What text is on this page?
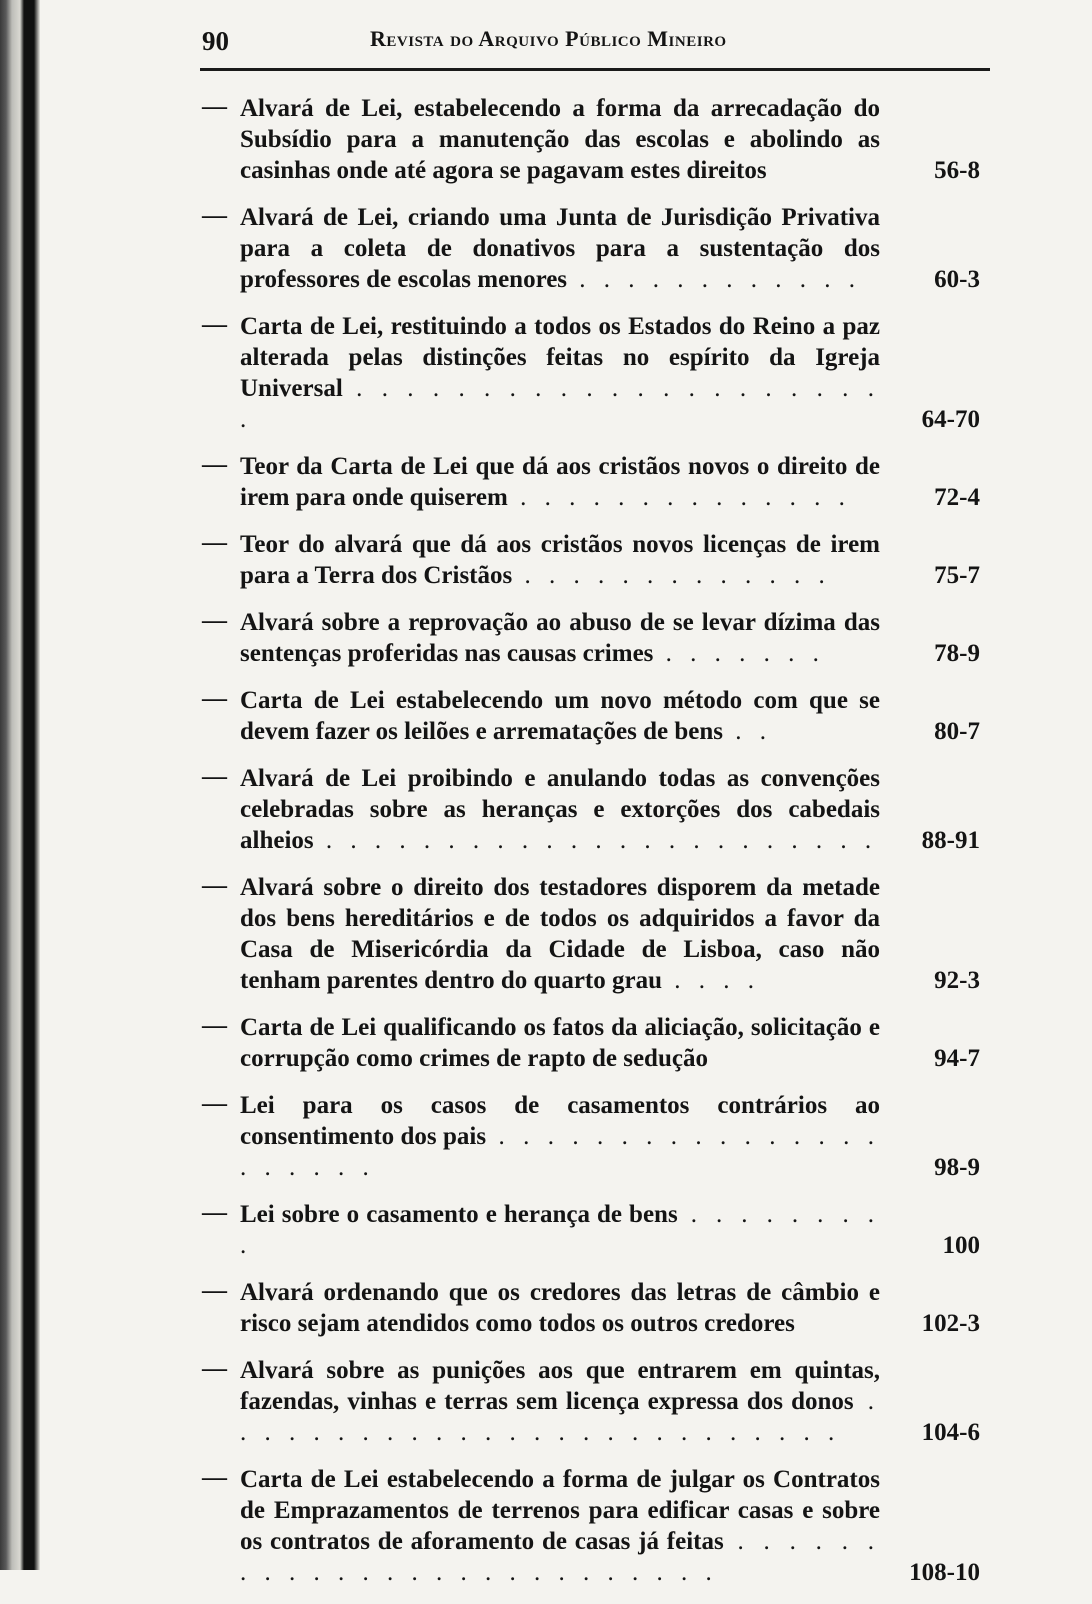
90	Revista do Arquivo Público Mineiro
— Alvará de Lei, estabelecendo a forma da arrecadação do Subsídio para a manutenção das escolas e abolindo as casinhas onde até agora se pagavam estes direitos	56-8
— Alvará de Lei, criando uma Junta de Jurisdição Privativa para a coleta de donativos para a sustentação dos professores de escolas menores . . . . . . . . . . . .	60-3
— Carta de Lei, restituindo a todos os Estados do Reino a paz alterada pelas distinções feitas no espírito da Igreja Universal . . . . . . . . . . . . . . . . . . . . . .	64-70
— Teor da Carta de Lei que dá aos cristãos novos o direito de irem para onde quiserem . . . . . . . . . . . . . .	72-4
— Teor do alvará que dá aos cristãos novos licenças de irem para a Terra dos Cristãos . . . . . . . . . . . . .	75-7
— Alvará sobre a reprovação ao abuso de se levar dízima das sentenças proferidas nas causas crimes . . . . . . .	78-9
— Carta de Lei estabelecendo um novo método com que se devem fazer os leilões e arrematações de bens . .	80-7
— Alvará de Lei proibindo e anulando todas as convenções celebradas sobre as heranças e extorções dos cabedais alheios . . . . . . . . . . . . . . . . . . . . . . . 88-91
— Alvará sobre o direito dos testadores disporem da metade dos bens hereditários e de todos os adquiridos a favor da Casa de Misericórdia da Cidade de Lisboa, caso não tenham parentes dentro do quarto grau . . . .	92-3
— Carta de Lei qualificando os fatos da aliciação, solicitação e corrupção como crimes de rapto de sedução	94-7
— Lei para os casos de casamentos contrários ao consentimento dos pais . . . . . . . . . . . . . . . . . . . . . .	98-9
— Lei sobre o casamento e herança de bens . . . . . . . . .	100
— Alvará ordenando que os credores das letras de câmbio e risco sejam atendidos como todos os outros credores	102-3
— Alvará sobre as punições aos que entrarem em quintas, fazendas, vinhas e terras sem licença expressa dos donos . . . . . . . . . . . . . . . . . . . . . . . . . .	104-6
— Carta de Lei estabelecendo a forma de julgar os Contratos de Emprazamentos de terrenos para edificar casas e sobre os contratos de aforamento de casas já feitas . . . . . . . . . . . . . . . . . . . . . . . . . .	108-10
